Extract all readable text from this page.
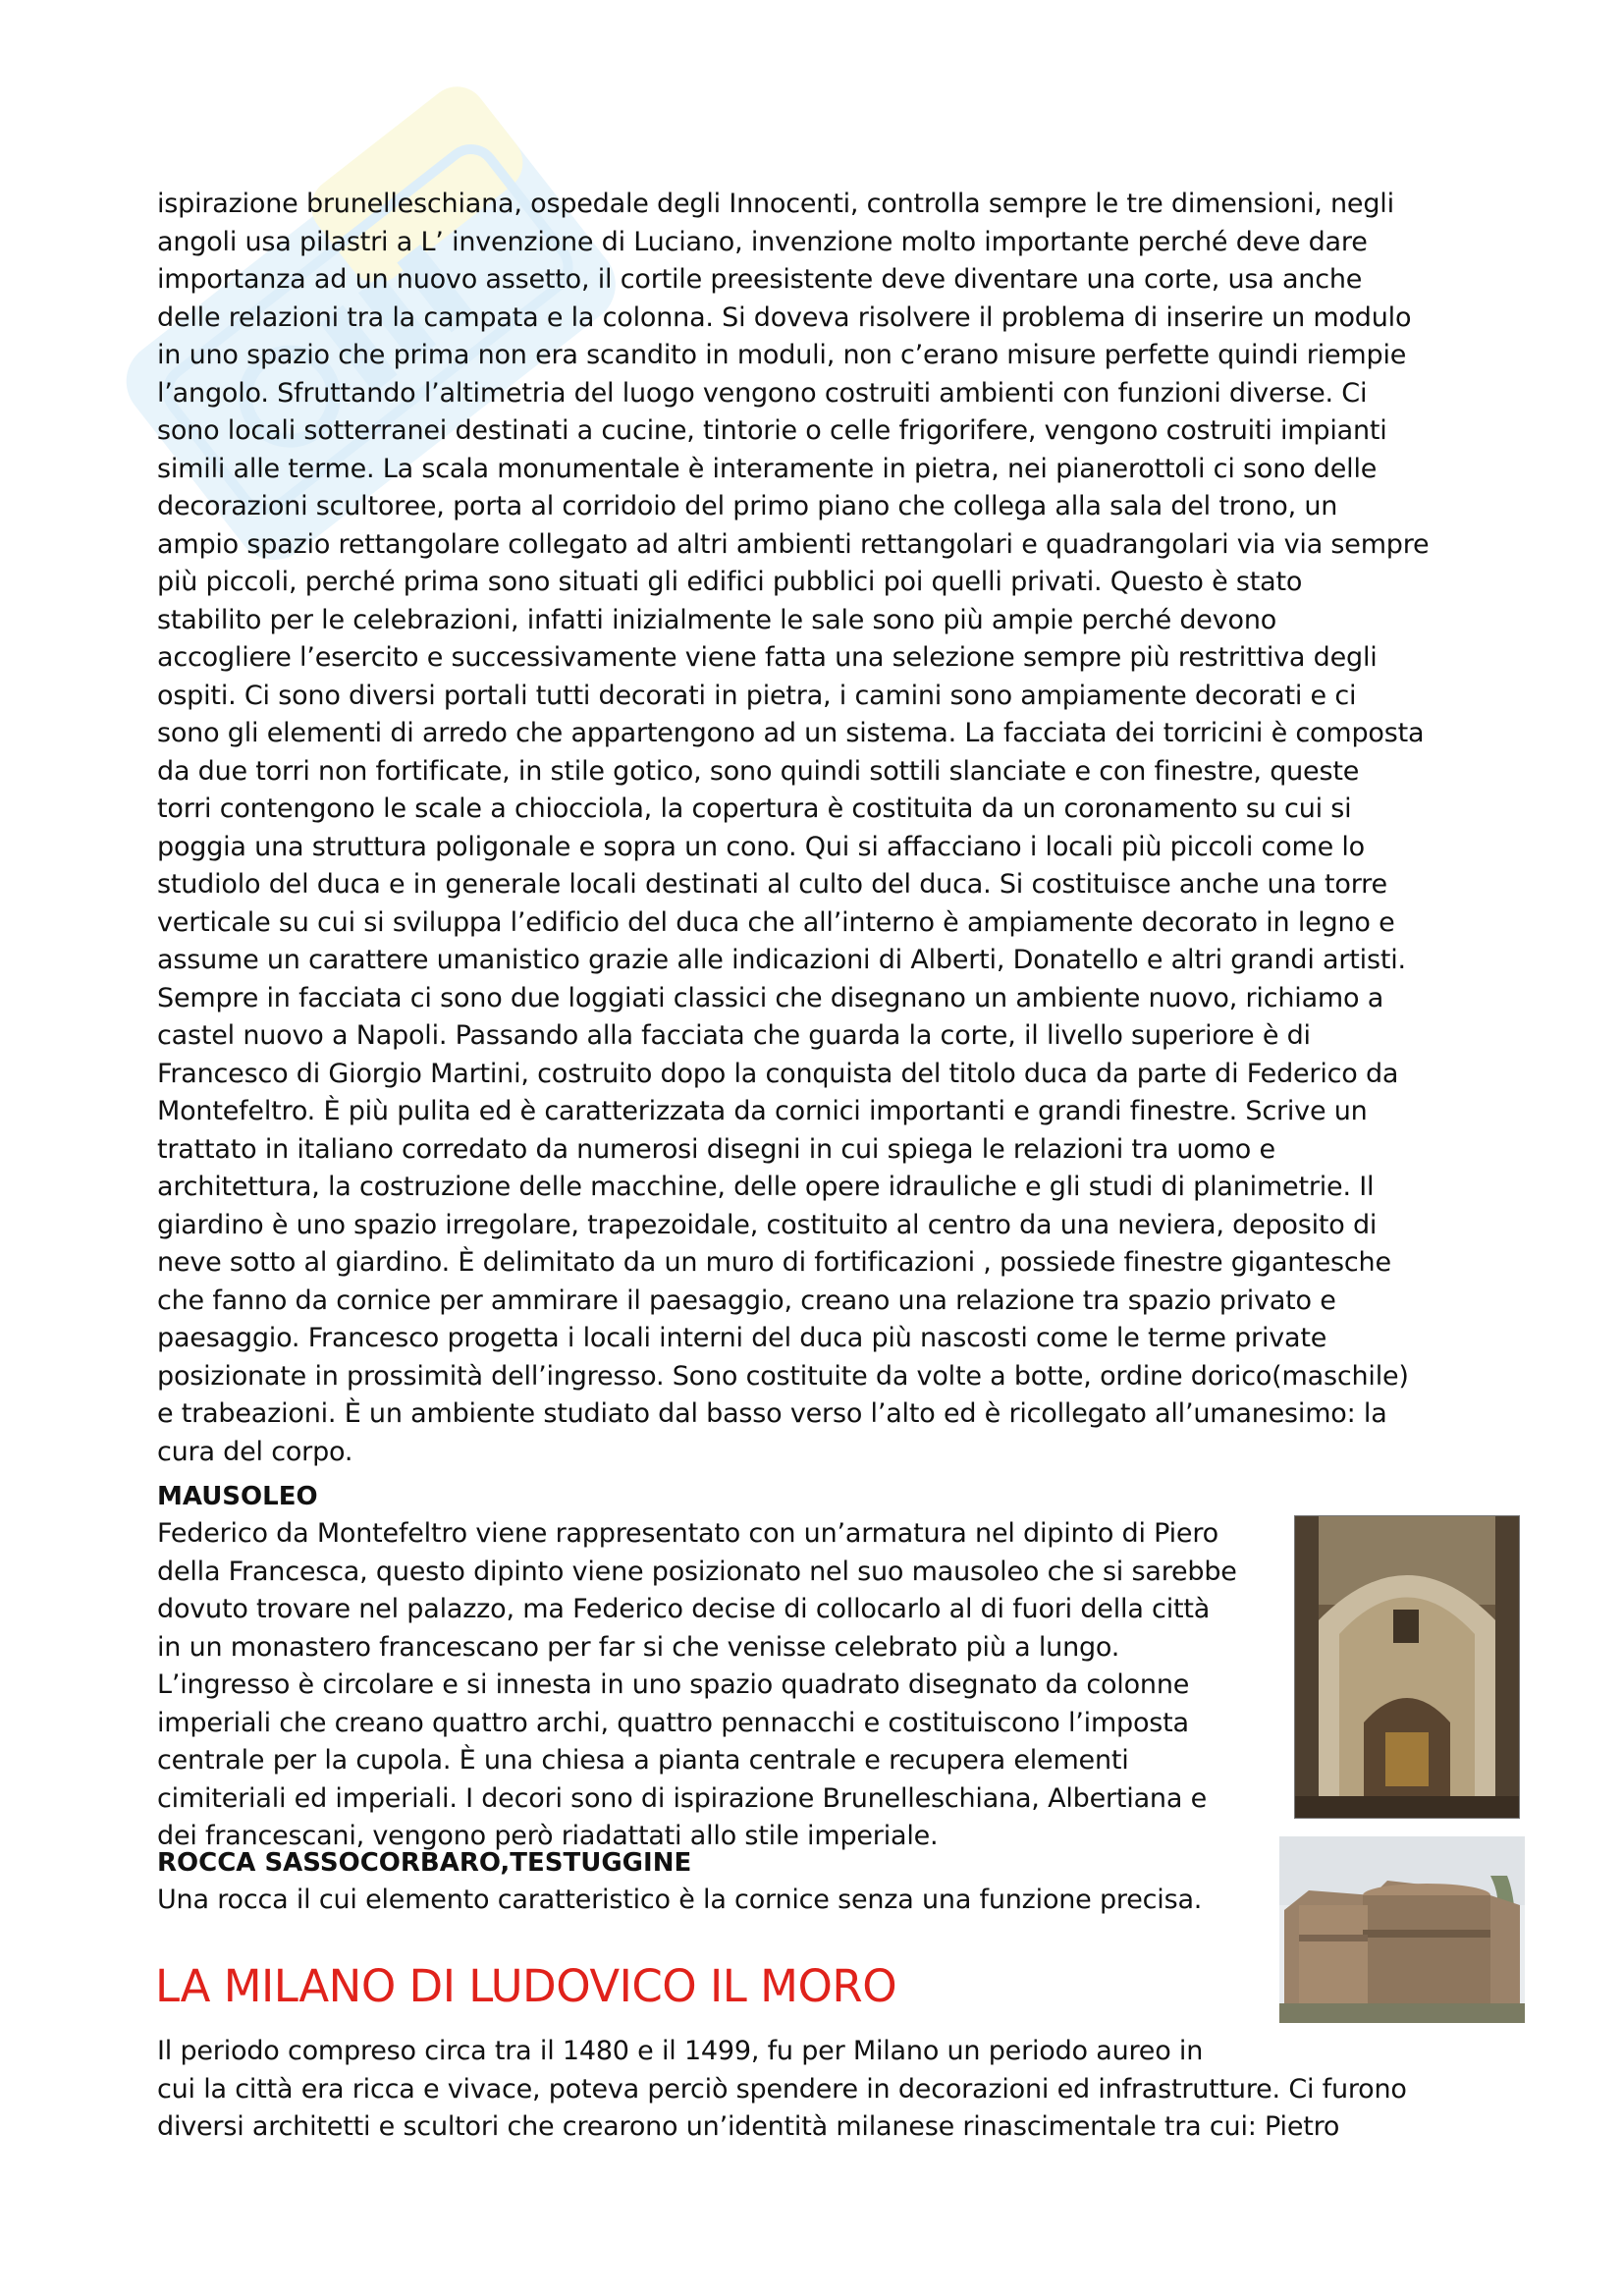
ispirazione brunelleschiana, ospedale degli Innocenti, controlla sempre le tre dimensioni, negli

angoli usa pilastri a L’ invenzione di Luciano, invenzione molto importante perché deve dare

importanza ad un nuovo assetto, il cortile preesistente deve diventare una corte, usa anche

delle relazioni tra la campata e la colonna. Si doveva risolvere il problema di inserire un modulo

in uno spazio che prima non era scandito in moduli, non c’erano misure perfette quindi riempie

l’angolo. Sfruttando l’altimetria del luogo vengono costruiti ambienti con funzioni diverse. Ci

sono locali sotterranei destinati a cucine, tintorie o celle frigorifere, vengono costruiti impianti

simili alle terme. La scala monumentale è interamente in pietra, nei pianerottoli ci sono delle

decorazioni scultoree, porta al corridoio del primo piano che collega alla sala del trono, un

ampio spazio rettangolare collegato ad altri ambienti rettangolari e quadrangolari via via sempre

più piccoli, perché prima sono situati gli edifici pubblici poi quelli privati. Questo è stato

stabilito per le celebrazioni, infatti inizialmente le sale sono più ampie perché devono

accogliere l’esercito e successivamente viene fatta una selezione sempre più restrittiva degli

ospiti. Ci sono diversi portali tutti decorati in pietra, i camini sono ampiamente decorati e ci

sono gli elementi di arredo che appartengono ad un sistema. La facciata dei torricini è composta

da due torri non fortificate, in stile gotico, sono quindi sottili slanciate e con finestre, queste

torri contengono le scale a chiocciola, la copertura è costituita da un coronamento su cui si

poggia una struttura poligonale e sopra un cono. Qui si affacciano i locali più piccoli come lo

studiolo del duca e in generale locali destinati al culto del duca. Si costituisce anche una torre

verticale su cui si sviluppa l’edificio del duca che all’interno è ampiamente decorato in legno e

assume un carattere umanistico grazie alle indicazioni di Alberti, Donatello e altri grandi artisti.

Sempre in facciata ci sono due loggiati classici che disegnano un ambiente nuovo, richiamo a

castel nuovo a Napoli. Passando alla facciata che guarda la corte, il livello superiore è di

Francesco di Giorgio Martini, costruito dopo la conquista del titolo duca da parte di Federico da

Montefeltro. È più pulita ed è caratterizzata da cornici importanti e grandi finestre. Scrive un

trattato in italiano corredato da numerosi disegni in cui spiega le relazioni tra uomo e

architettura, la costruzione delle macchine, delle opere idrauliche e gli studi di planimetrie. Il

giardino è uno spazio irregolare, trapezoidale, costituito al centro da una neviera, deposito di

neve sotto al giardino. È delimitato da un muro di fortificazioni , possiede finestre gigantesche

che fanno da cornice per ammirare il paesaggio, creano una relazione tra spazio privato e

paesaggio. Francesco progetta i locali interni del duca più nascosti come le terme private

posizionate in prossimità dell’ingresso. Sono costituite da volte a botte, ordine dorico(maschile)

e trabeazioni. È un ambiente studiato dal basso verso l’alto ed è ricollegato all’umanesimo: la

cura del corpo.

MAUSOLEO

Federico da Montefeltro viene rappresentato con un’armatura nel dipinto di Piero

della Francesca, questo dipinto viene posizionato nel suo mausoleo che si sarebbe

dovuto trovare nel palazzo, ma Federico decise di collocarlo al di fuori della città

in un monastero francescano per far si che venisse celebrato più a lungo.

L’ingresso è circolare e si innesta in uno spazio quadrato disegnato da colonne

imperiali che creano quattro archi, quattro pennacchi e costituiscono l’imposta

centrale per la cupola. È una chiesa a pianta centrale e recupera elementi

cimiteriali ed imperiali. I decori sono di ispirazione Brunelleschiana, Albertiana e

dei francescani, vengono però riadattati allo stile imperiale.

ROCCA SASSOCORBARO,TESTUGGINE
Una rocca il cui elemento caratteristico è la cornice senza una funzione precisa.
LA MILANO DI LUDOVICO IL MORO

Il periodo compreso circa tra il 1480 e il 1499, fu per Milano un periodo aureo in

cui la città era ricca e vivace, poteva perciò spendere in decorazioni ed infrastrutture. Ci furono

diversi architetti e scultori che crearono un’identità milanese rinascimentale tra cui: Pietro
